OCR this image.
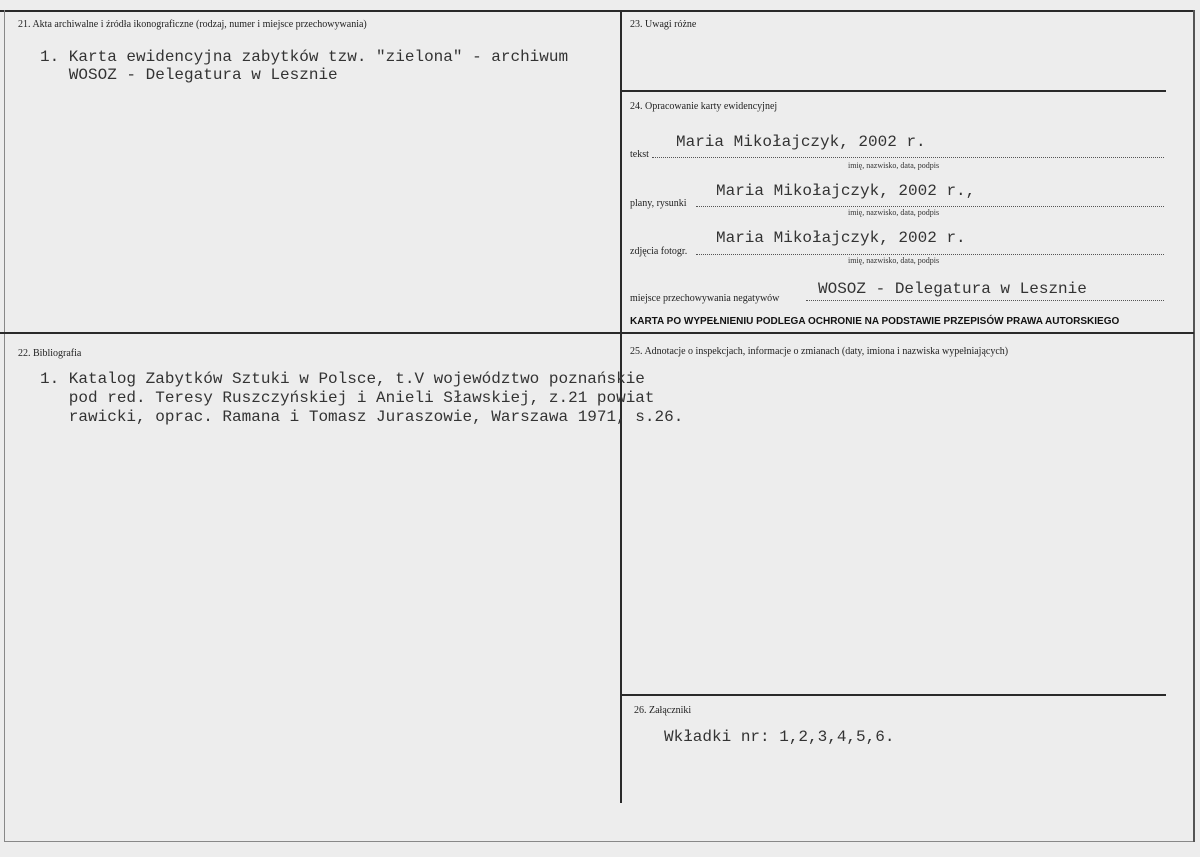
21. Akta archiwalne i źródła ikonograficzne (rodzaj, numer i miejsce przechowywania)
1. Karta ewidencyjna zabytków tzw. "zielona" - archiwum
WOSOZ - Delegatura w Lesznie
22. Bibliografia
1. Katalog Zabytków Sztuki w Polsce, t.V województwo poznańskie
pod red. Teresy Ruszczyńskiej i Anieli Sławskiej, z.21 powiat
rawicki, oprac. Ramana i Tomasz Juraszowie, Warszawa 1971, s.26.
23. Uwagi różne
24. Opracowanie karty ewidencyjnej
Maria Mikołajczyk, 2002 r.
tekst
imię, nazwisko, data, podpis
Maria Mikołajczyk, 2002 r.,
plany, rysunki
imię, nazwisko, data, podpis
Maria Mikołajczyk, 2002 r.
zdjęcia fotogr.
imię, nazwisko, data, podpis
WOSOZ - Delegatura w Lesznie
miejsce przechowywania negatywów
KARTA PO WYPEŁNIENIU PODLEGA OCHRONIE NA PODSTAWIE PRZEPISÓW PRAWA AUTORSKIEGO
25. Adnotacje o inspekcjach, informacje o zmianach (daty, imiona i nazwiska wypełniających)
26. Załączniki
Wkładki nr: 1,2,3,4,5,6.
